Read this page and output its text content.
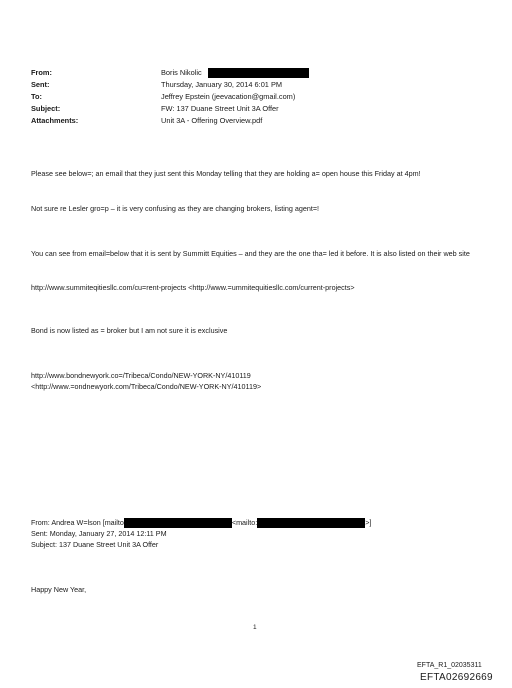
From:	Boris Nikolic
Sent:	Thursday, January 30, 2014 6:01 PM
To:	Jeffrey Epstein (jeevacation@gmail.com)
Subject:	FW: 137 Duane Street Unit 3A Offer
Attachments:	Unit 3A - Offering Overview.pdf
Please see below=; an email that they just sent this Monday telling that they are holding a= open house this Friday at 4pm!
Not sure re Lesler gro=p – it is very confusing as they are changing brokers, listing agent=!
You can see from email=below that it is sent by Summitt Equities – and they are the one tha= led it before. It is also listed on their web site
http://www.summiteqitiesllc.com/cu=rent-projects <http://www.=ummitequitiesllc.com/current-projects>
Bond is now listed as = broker but I am not sure it is exclusive
http://www.bondnewyork.co=/Tribeca/Condo/NEW-YORK-NY/410119
<http://www.=ondnewyork.com/Tribeca/Condo/NEW-YORK-NY/410119>
From: Andrea W=lson [mailto	<mailto:	>]
Sent: Monday, January 27, 2014 12:11 PM
Subject: 137 Duane Street Unit 3A Offer
Happy New Year,
1
EFTA_R1_02035311
EFTA02692669
